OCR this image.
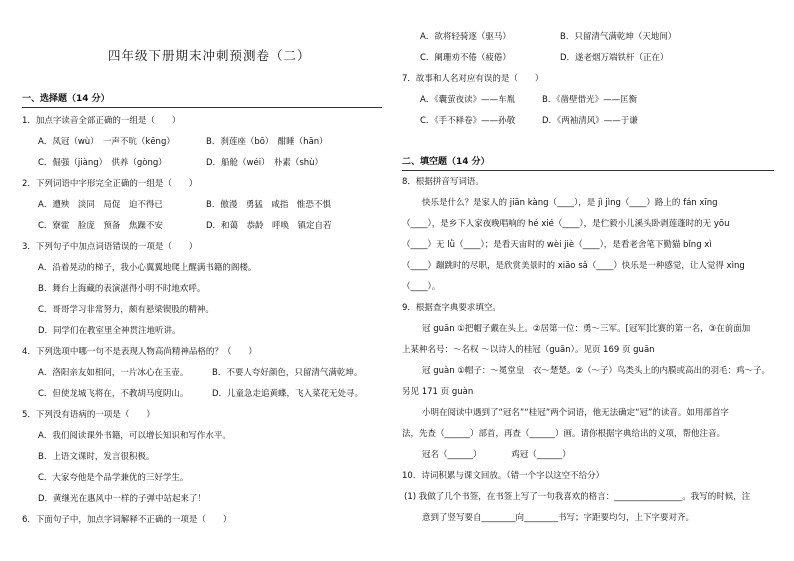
四年级下册期末冲刺预测卷（二）
一、选择题（14 分）
1．加点字读音全部正确的一组是（　　）
A．凤冠（wù）　一声不吭（kēng）	B．刹莲座（bō）　酣睡（hān）
C．倔强（jiàng）　供养（gòng）	D．船舱（wéi）　朴素（shù）
2．下列词语中字形完全正确的一组是（　　）
A．遭殃　淡同　局促　迫不得已	B．傲漫　勇猛　咸指　惟恐不惧
C．寮霍　脸庞　预备　焦躁不安	D．和蔼　恭龄　呼唤　镇定自若
3．下列句子中加点词语错误的一项是（　　）
A．沿着晃动的梯子，我小心翼翼地爬上醒满书籍的阁楼。
B．舞台上海藏的表演湛得小明不时地欢呼。
C．哥哥学习非常努力，颇有悬梁锲股的精神。
D．同学们在教室里全神贯注地听讲。
4．下列选项中哪一句不是表现人物高尚精神品格的？（　　）
A．洛阳亲友如相问，一片冰心在玉壶。	B．不要人夸好颜色，只留清气满乾坤。
C．但使龙城飞将在，不教胡马度阴山。	D．儿童急走追黄蝶，飞入菜花无处寻。
5．下列没有语病的一项是（　　）
A．我们阅读课外书籍，可以增长知识和写作水平。
B．上语文课时，发言很积极。
C．大家夸他是个品学兼优的三好学生。
D．黄继光在惠风中一样的子弹中站起来了！
6．下面句子中，加点字词解释不正确的一项是（　　）
A．欲将轻骑逐（驱马）	B．只留清气满乾坤（天地间）
C．阑珊劝不倦（疲倦）	D．遂老烟万端铁杆（正在）
7．故事和人名对应有误的是（　　）
A．《囊萤夜读》——车胤	B．《凿壁借光》——匡衡
C．《手不释卷》——孙敬	D．《两袖清风》——于谦
二、填空题（14 分）
8．根据拼音写词语。
快乐是什么？是家人的 jiān kàng（____），是 jì jìng（____）路上的 fán xīng
（____），是乡下人家夜晚唱响的 hé xié（____），是伫毅小儿溪头卧剥莲蓬时的无 yōu
（____）无 lǜ（____）；是看天宙时的 wèi jiè（____），是看老舍笔下勤猫 bǐng xì
（____）蹦跳时的尽职，是欣赏美景时的 xiāo sǎ（____）快乐是一种感觉，让人觉得 xìng
（____）。
9．根据查字典要求填空。
冠 guān ①把帽子戴在头上。②居第一位：勇～三军。[冠军]比赛的第一名，③在前面加
上某种名号：～名权 ～以诗人的桂冠（guān）。见页 169 页 guān
冠 guàn ①帽子：～冕堂皇　衣～楚楚。②（～子）鸟类头上的内膜或高出的羽毛：鸡～子。
另见 171 页 guàn
小明在阅读中遇到了“冠名”“桂冠”两个词语，他无法确定“冠”的读音。如用部首字
法，先查（______）部首，再查（______）画。请你根据字典给出的义项，帮他注音。
冠名（______）　　　　鸡冠（______）
10．诗词积累与课文回放。（错一个字以这空不给分）
(1) 我做了几个书签，在书签上写了一句我喜欢的格言：________________。我写的时候，注
意到了竖写要自________向________书写；字距要均匀，上下字要对齐。
